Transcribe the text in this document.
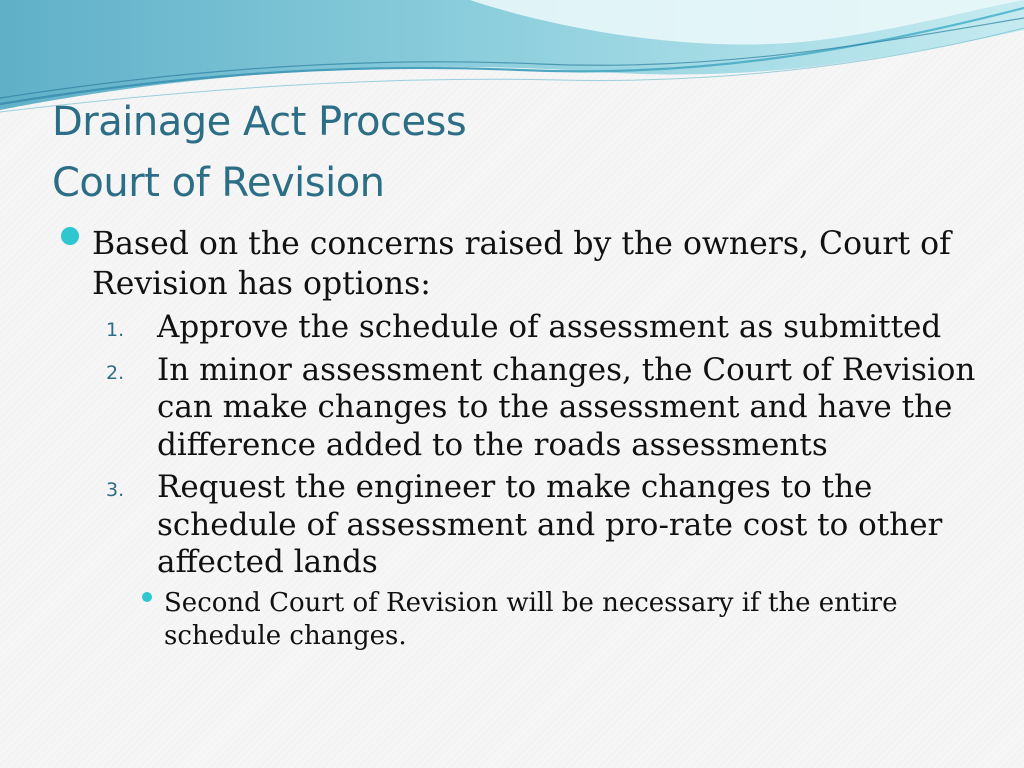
Drainage Act Process
Court of Revision
Based on the concerns raised by the owners, Court of Revision has options:
1. Approve the schedule of assessment as submitted
2. In minor assessment changes, the Court of Revision can make changes to the assessment and have the difference added to the roads assessments
3. Request the engineer to make changes to the schedule of assessment and pro-rate cost to other affected lands
Second Court of Revision will be necessary if the entire schedule changes.
